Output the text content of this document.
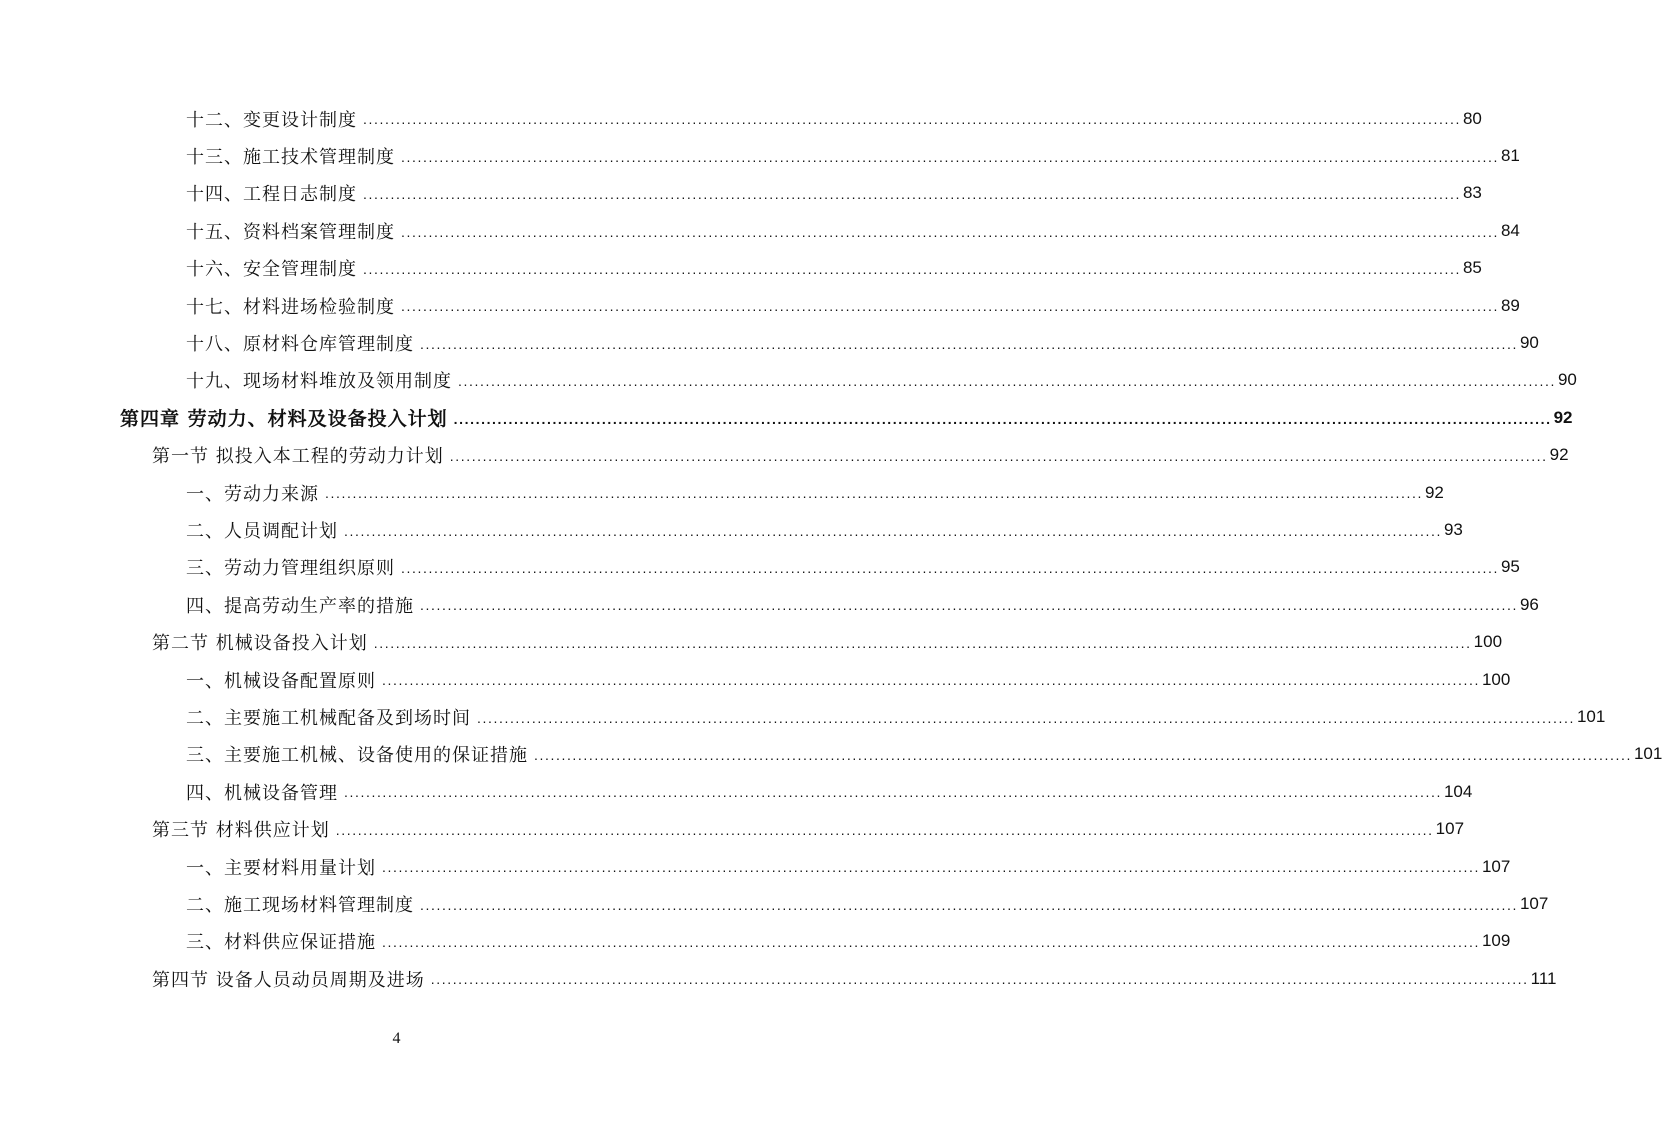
十二、变更设计制度 ........................................................................................................................................................................................................ 80
十三、施工技术管理制度 ........................................................................................................................................................................................................ 81
十四、工程日志制度 ........................................................................................................................................................................................................ 83
十五、资料档案管理制度 ........................................................................................................................................................................................................ 84
十六、安全管理制度 ........................................................................................................................................................................................................ 85
十七、材料进场检验制度 ........................................................................................................................................................................................................ 89
十八、原材料仓库管理制度 ........................................................................................................................................................................................................ 90
十九、现场材料堆放及领用制度 ........................................................................................................................................................................................................ 90
第四章 劳动力、材料及设备投入计划 ........................................................................................................................................................................................................ 92
第一节 拟投入本工程的劳动力计划 ........................................................................................................................................................................................................ 92
一、劳动力来源 ........................................................................................................................................................................................................ 92
二、人员调配计划 ........................................................................................................................................................................................................ 93
三、劳动力管理组织原则 ........................................................................................................................................................................................................ 95
四、提高劳动生产率的措施 ........................................................................................................................................................................................................ 96
第二节 机械设备投入计划 ........................................................................................................................................................................................................ 100
一、机械设备配置原则 ........................................................................................................................................................................................................ 100
二、主要施工机械配备及到场时间 ........................................................................................................................................................................................................ 101
三、主要施工机械、设备使用的保证措施 ........................................................................................................................................................................................................ 101
四、机械设备管理 ........................................................................................................................................................................................................ 104
第三节 材料供应计划 ........................................................................................................................................................................................................ 107
一、主要材料用量计划 ........................................................................................................................................................................................................ 107
二、施工现场材料管理制度 ........................................................................................................................................................................................................ 107
三、材料供应保证措施 ........................................................................................................................................................................................................ 109
第四节 设备人员动员周期及进场 ........................................................................................................................................................................................................ 111
4
